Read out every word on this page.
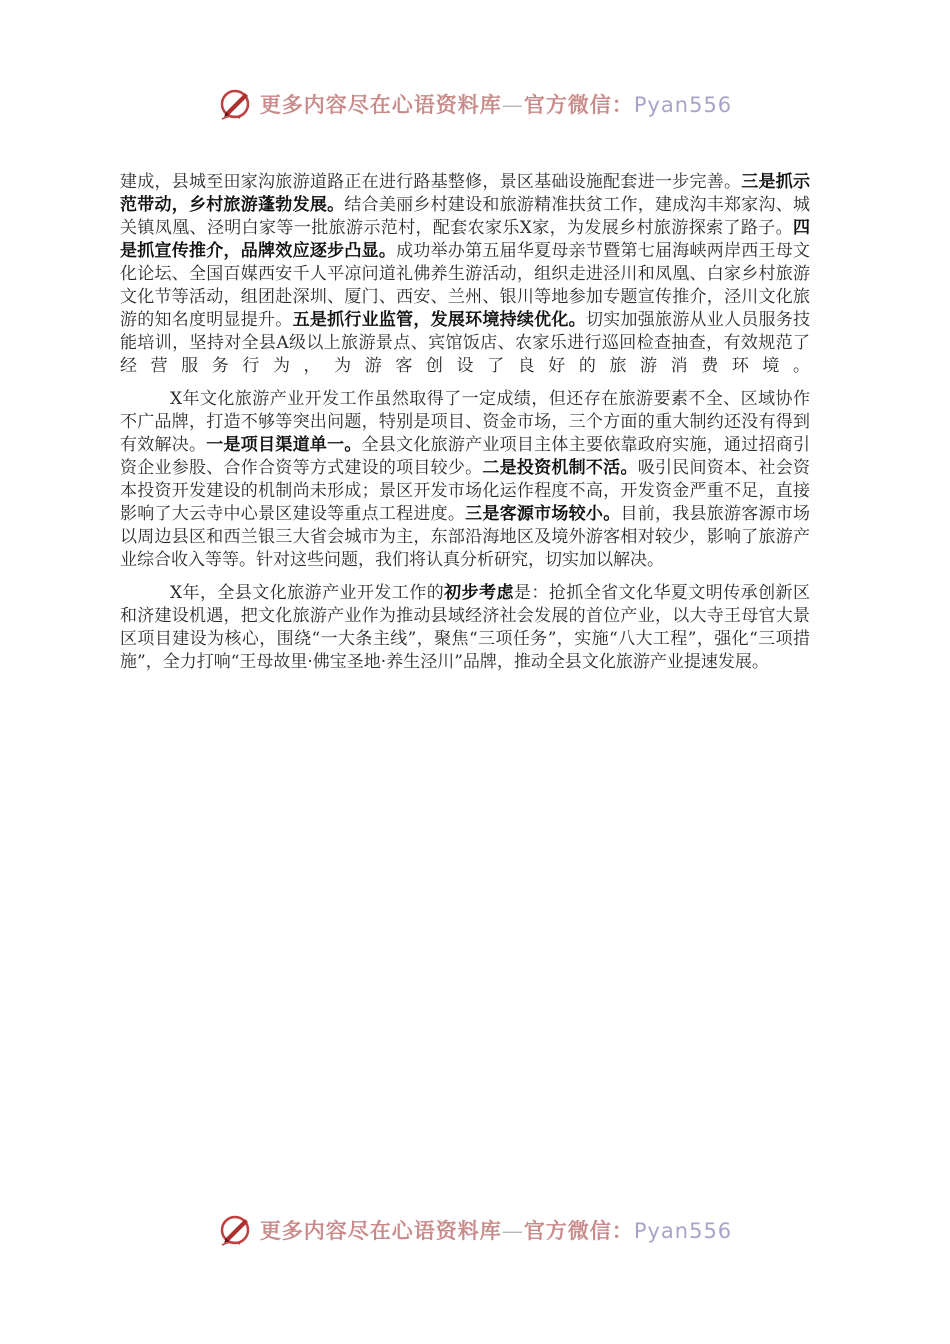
更多内容尽在心语资料库—官方微信：Pyan556

建成，县城至田家沟旅游道路正在进行路基整修，景区基础设施配套进一步完善。三是抓示范带动，乡村旅游蓬勃发展。结合美丽乡村建设和旅游精准扶贫工作，建成沟丰郑家沟、城关镇凤凰、泾明白家等一批旅游示范村，配套农家乐X家，为发展乡村旅游探索了路子。四是抓宣传推介，品牌效应逐步凸显。成功举办第五届华夏母亲节暨第七届海峡两岸西王母文化论坛、全国百媒西安千人平凉问道礼佛养生游活动，组织走进泾川和凤凰、白家乡村旅游文化节等活动，组团赴深圳、厦门、西安、兰州、银川等地参加专题宣传推介，泾川文化旅游的知名度明显提升。五是抓行业监管，发展环境持续优化。切实加强旅游从业人员服务技能培训，坚持对全县A级以上旅游景点、宾馆饭店、农家乐进行巡回检查抽查，有效规范了经营服务行为，为游客创设了良好的旅游消费环境。

X年文化旅游产业开发工作虽然取得了一定成绩，但还存在旅游要素不全、区域协作不广品牌，打造不够等突出问题，特别是项目、资金市场，三个方面的重大制约还没有得到有效解决。一是项目渠道单一。全县文化旅游产业项目主体主要依靠政府实施，通过招商引资企业参股、合作合资等方式建设的项目较少。二是投资机制不活。吸引民间资本、社会资本投资开发建设的机制尚未形成；景区开发市场化运作程度不高，开发资金严重不足，直接影响了大云寺中心景区建设等重点工程进度。三是客源市场较小。目前，我县旅游客源市场以周边县区和西兰银三大省会城市为主，东部沿海地区及境外游客相对较少，影响了旅游产业综合收入等等。针对这些问题，我们将认真分析研究，切实加以解决。

X年，全县文化旅游产业开发工作的初步考虑是：抢抓全省文化华夏文明传承创新区和济建设机遇，把文化旅游产业作为推动县域经济社会发展的首位产业，以大寺王母官大景区项目建设为核心，围绕“一大条主线”，聚焦“三项任务”，实施“八大工程”，强化“三项措施”，全力打响“王母故里·佛宝圣地·养生泾川”品牌，推动全县文化旅游产业提速发展。

更多内容尽在心语资料库—官方微信：Pyan556
